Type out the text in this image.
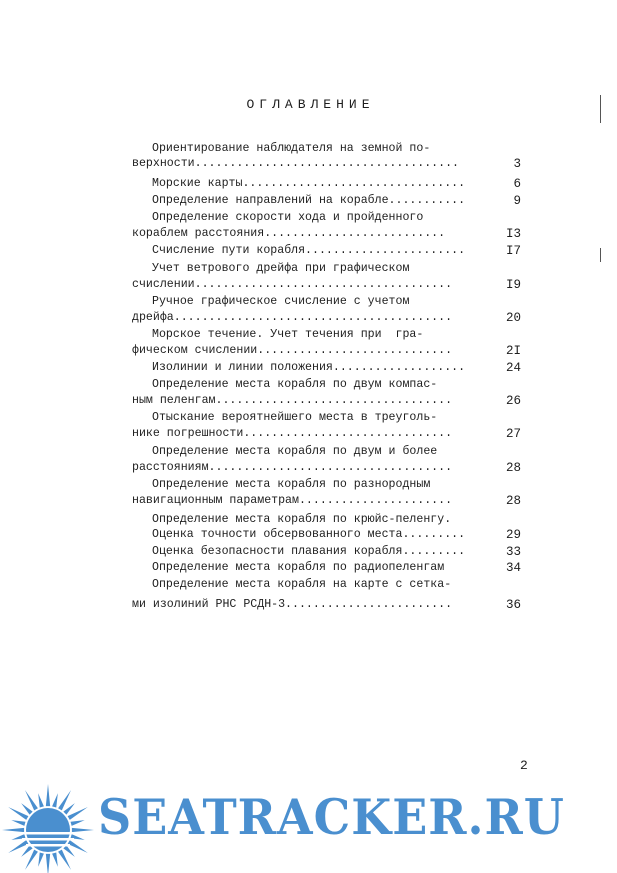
ОГЛАВЛЕНИЕ
Ориентирование наблюдателя на земной по-
верхности......................................	3
Морские карты................................	6
Определение направлений на корабле...........	9
Определение скорости хода и пройденного
кораблем расстояния..........................	I3
Счисление пути корабля.......................	I7
Учет ветрового дрейфа при графическом
счислении.....................................	I9
Ручное графическое счисление с учетом
дрейфа........................................	20
Морское течение. Учет течения при  гра-
фическом счислении............................	2I
Изолинии и линии положения...................	24
Определение места корабля по двум компас-
ным пеленгам..................................	26
Отыскание вероятнейшего места в треуголь-
нике погрешности..............................	27
Определение места корабля по двум и более
расстояниям...................................	28
Определение места корабля по разнородным
навигационным параметрам......................	28
Определение места корабля по крюйс-пеленгу.
Оценка точности обсервованного места.........	29
Оценка безопасности плавания корабля.........	33
Определение места корабля по радиопеленгам	34
Определение места корабля на карте с сетка-
ми изолиний РНС РСДН-3........................	36
2
SEATRACKER.RU
